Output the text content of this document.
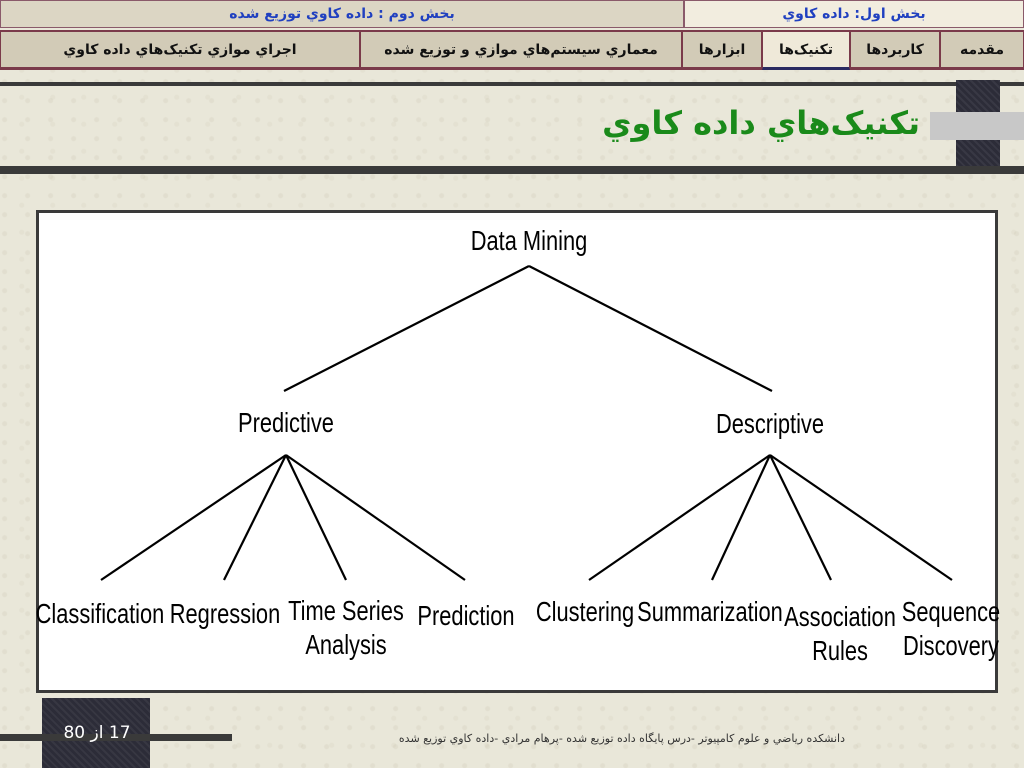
بخش دوم : داده کاوي توزيع شده	بخش اول: داده کاوي
اجراي موازي تکنيک‌هاي داده کاوي	معماري سيستم‌هاي موازي و توزيع شده	ابزارها	تکنيک‌ها	کاربردها	مقدمه
تکنيک‌هاي داده کاوي
Data Mining
Predictive	Descriptive
Classification Regression Time Series
Analysis
Prediction Clustering Summarization Association
Rules
Sequence
Discovery
17 از 80	دانشكده رياضي و علوم كامپيوتر -درس پايگاه داده توزيع شده -پرهام مرادي -داده كاوي توزيع شده
